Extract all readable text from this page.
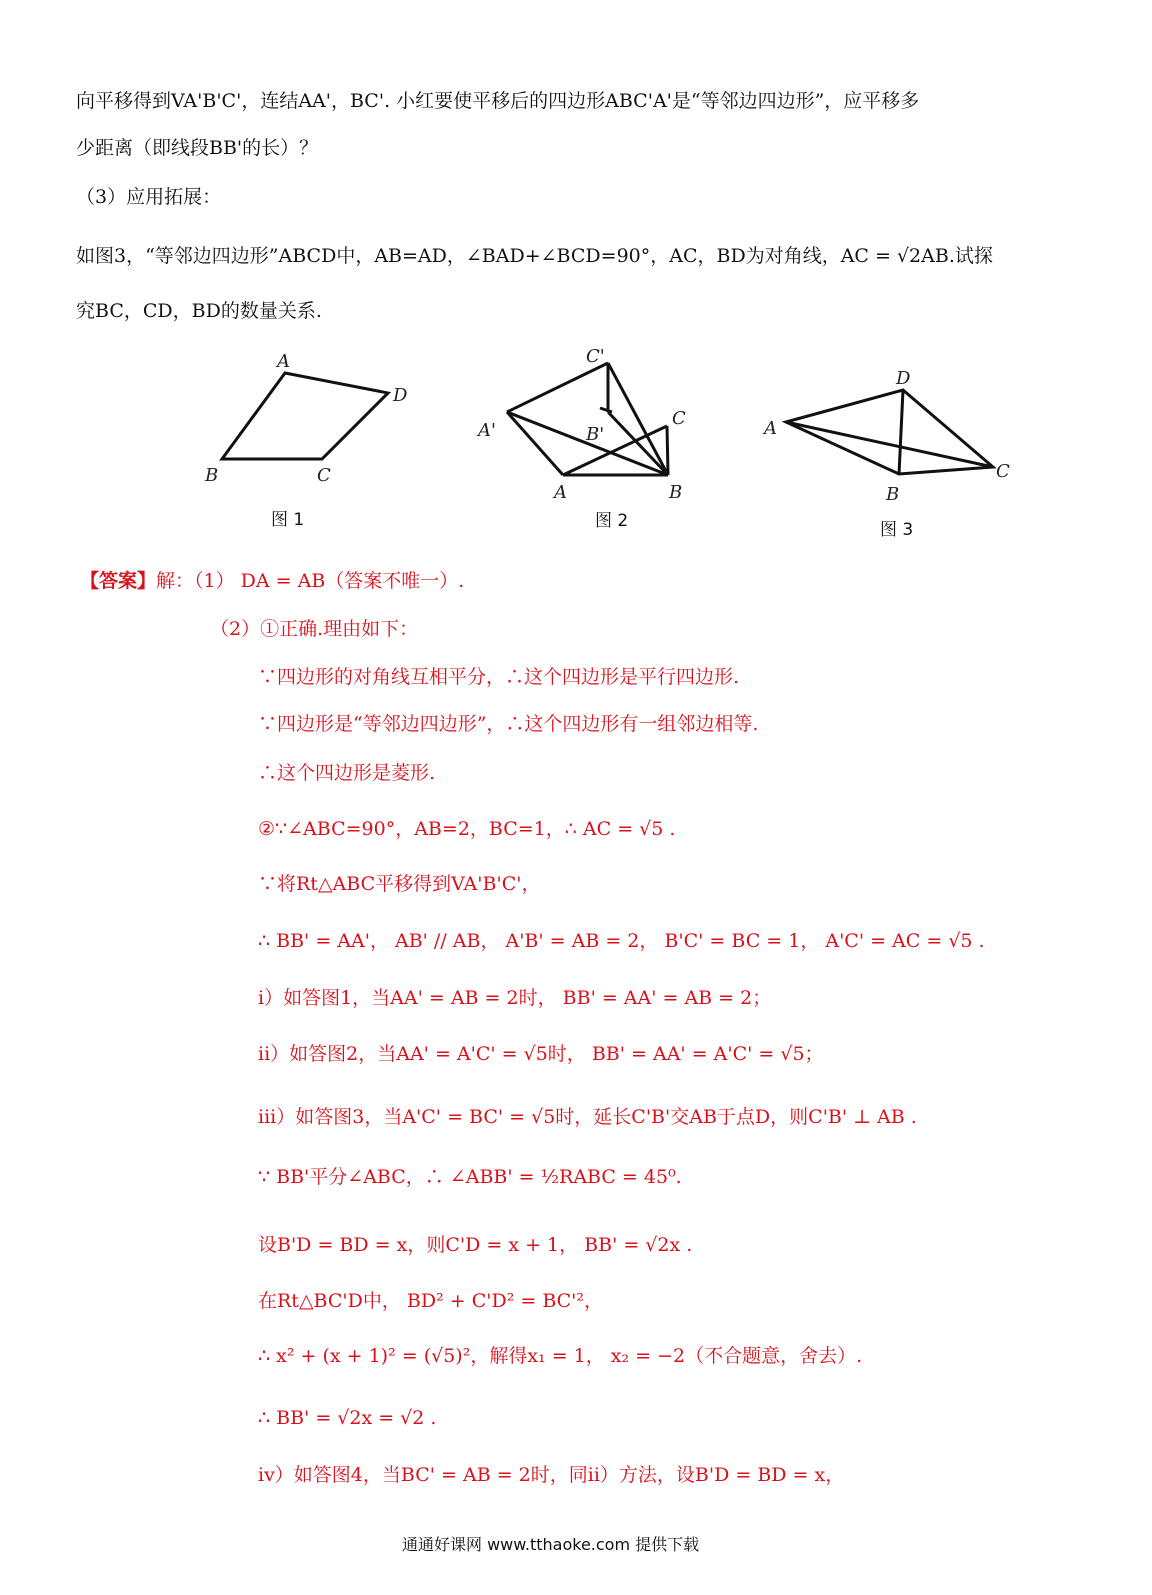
向平移得到VA'B'C'，连结AA'，BC'. 小红要使平移后的四边形ABC'A'是“等邻边四边形”，应平移多
少距离（即线段BB'的长）？
（3）应用拓展：
如图3，“等邻边四边形”ABCD中，AB=AD，∠BAD+∠BCD=90°，AC，BD为对角线，AC = √2AB.试探
究BC，CD，BD的数量关系.
A
D
B	C
图 1
C'
A'	B'
C
A	B
图 2
D
A
B
C
图 3
【答案】解：（1） DA = AB（答案不唯一）.
（2）①正确.理由如下：
∵四边形的对角线互相平分，∴这个四边形是平行四边形.
∵四边形是“等邻边四边形”，∴这个四边形有一组邻边相等.
∴这个四边形是菱形.
②∵∠ABC=90°，AB=2，BC=1，∴ AC = √5 .
∵将Rt△ABC平移得到VA'B'C'，
∴ BB' = AA'， AB' // AB， A'B' = AB = 2， B'C' = BC = 1， A'C' = AC = √5 .
i）如答图1，当AA' = AB = 2时， BB' = AA' = AB = 2；
ii）如答图2，当AA' = A'C' = √5时， BB' = AA' = A'C' = √5；
iii）如答图3，当A'C' = BC' = √5时，延长C'B'交AB于点D，则C'B' ⊥ AB .
∵ BB'平分∠ABC，∴ ∠ABB' = ½RABC = 45⁰.
设B'D = BD = x，则C'D = x + 1， BB' = √2x .
在Rt△BC'D中， BD² + C'D² = BC'²，
∴ x² + (x + 1)² = (√5)²，解得x₁ = 1， x₂ = −2（不合题意，舍去）.
∴ BB' = √2x = √2 .
iv）如答图4，当BC' = AB = 2时，同ii）方法，设B'D = BD = x，
通通好课网 www.tthaoke.com 提供下载
